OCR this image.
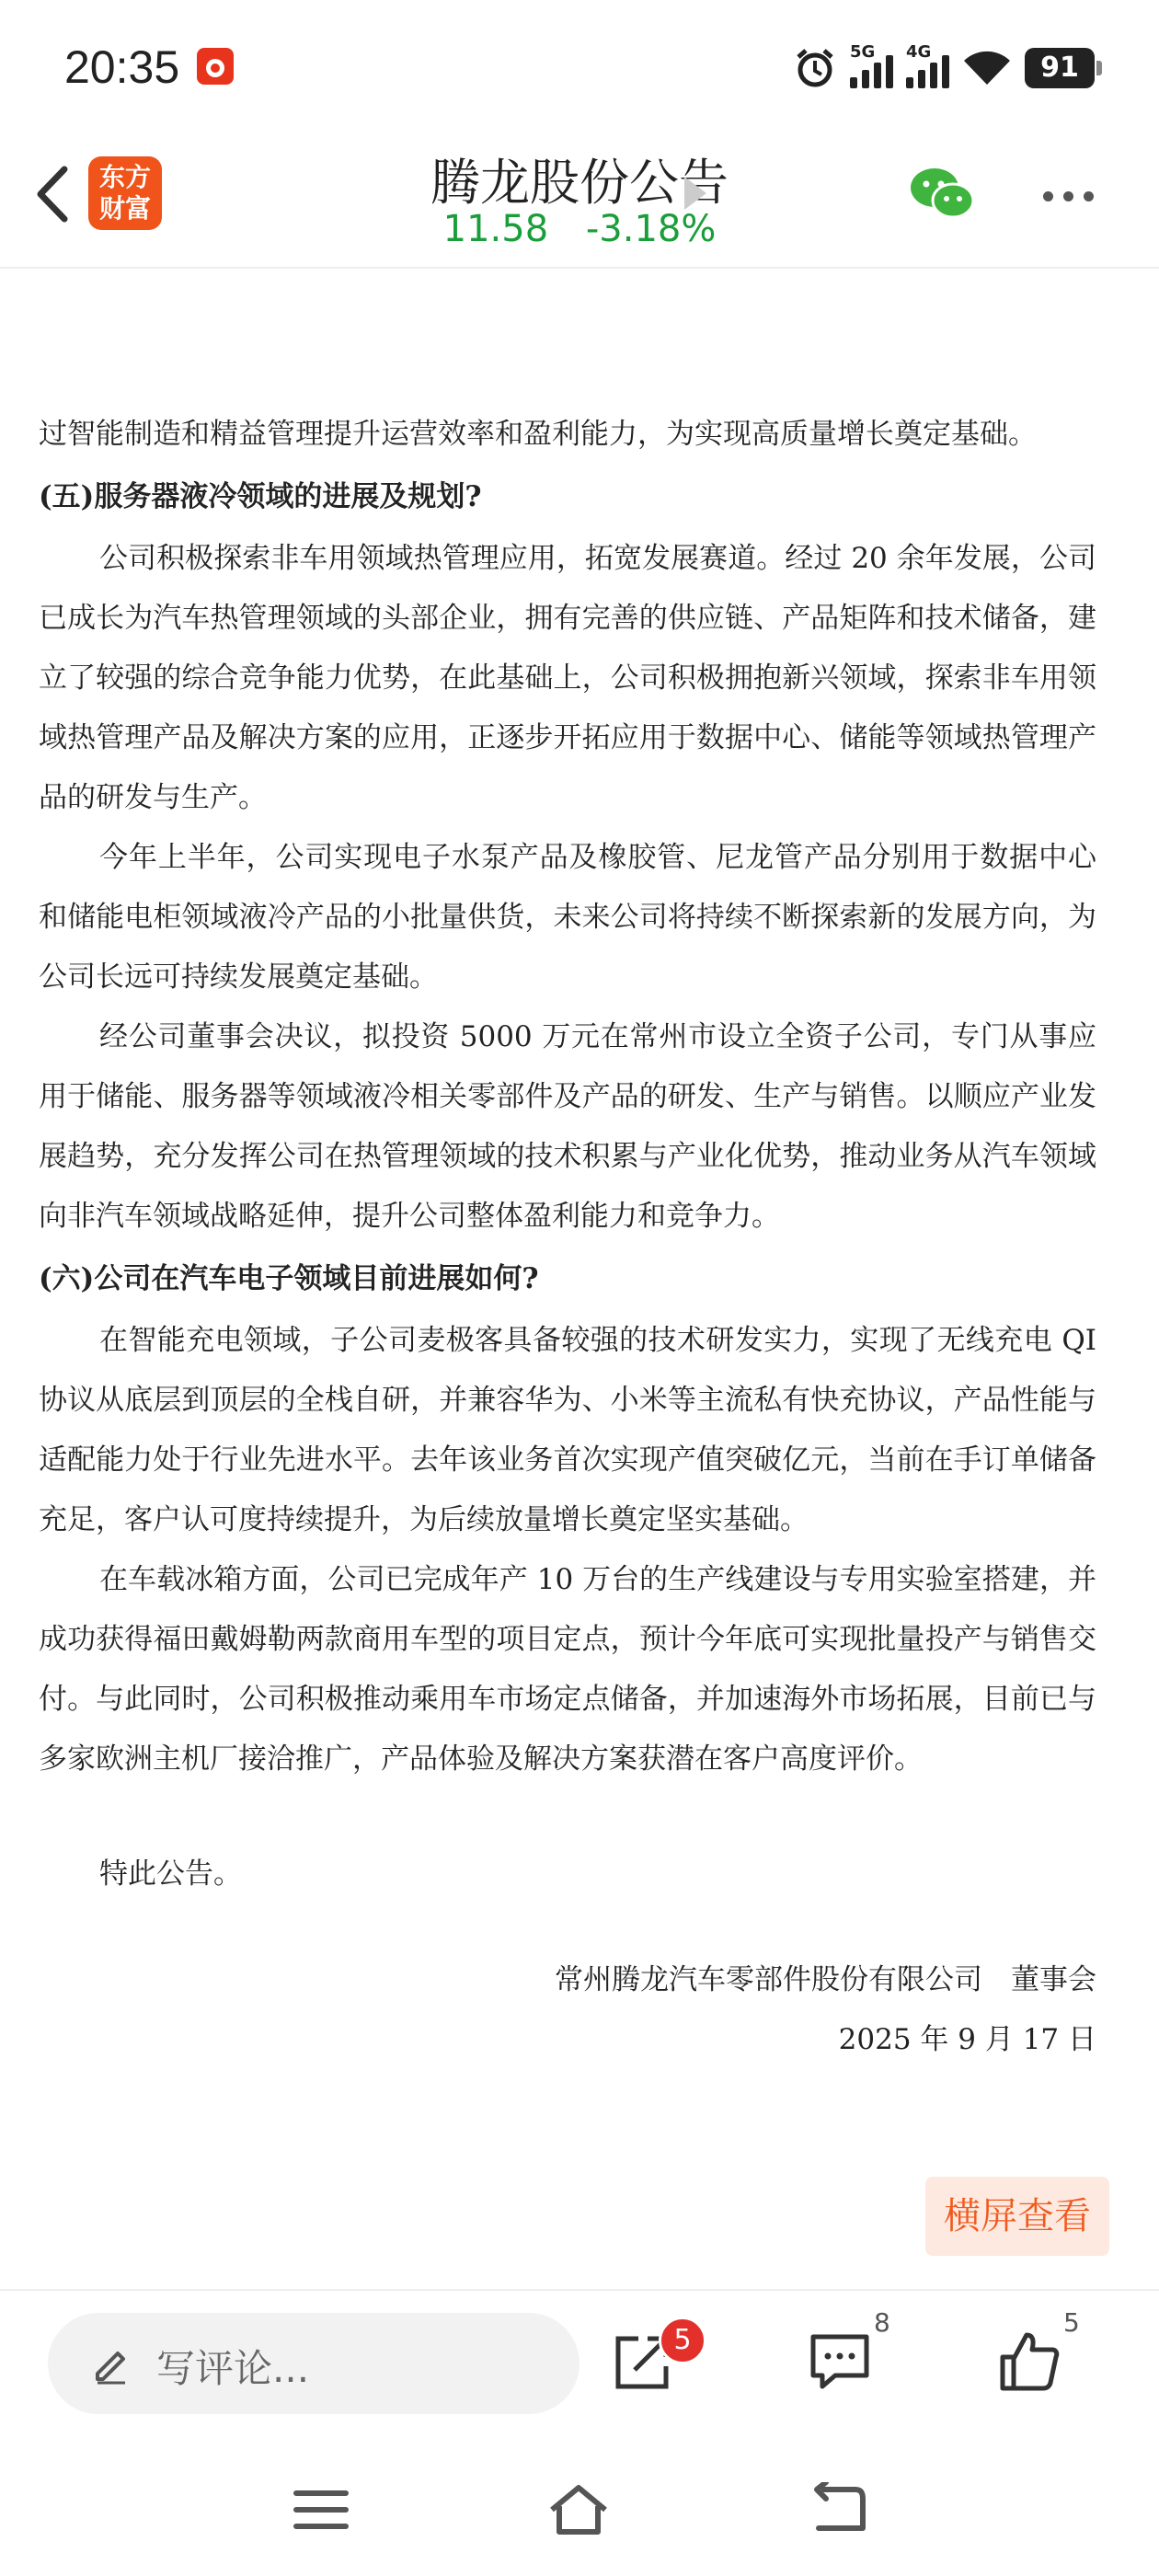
20:35	5G 4G	91
东方
财富	腾龙股份公告
11.58 -3.18%

过智能制造和精益管理提升运营效率和盈利能力，为实现高质量增长奠定基础。

(五)服务器液冷领域的进展及规划?

公司积极探索非车用领域热管理应用，拓宽发展赛道。经过 20 余年发展，公司已成长为汽车热管理领域的头部企业，拥有完善的供应链、产品矩阵和技术储备，建立了较强的综合竞争能力优势，在此基础上，公司积极拥抱新兴领域，探索非车用领域热管理产品及解决方案的应用，正逐步开拓应用于数据中心、储能等领域热管理产品的研发与生产。

今年上半年，公司实现电子水泵产品及橡胶管、尼龙管产品分别用于数据中心和储能电柜领域液冷产品的小批量供货，未来公司将持续不断探索新的发展方向，为公司长远可持续发展奠定基础。

经公司董事会决议，拟投资 5000 万元在常州市设立全资子公司，专门从事应用于储能、服务器等领域液冷相关零部件及产品的研发、生产与销售。以顺应产业发展趋势，充分发挥公司在热管理领域的技术积累与产业化优势，推动业务从汽车领域向非汽车领域战略延伸，提升公司整体盈利能力和竞争力。

(六)公司在汽车电子领域目前进展如何?

在智能充电领域，子公司麦极客具备较强的技术研发实力，实现了无线充电 QI 协议从底层到顶层的全栈自研，并兼容华为、小米等主流私有快充协议，产品性能与适配能力处于行业先进水平。去年该业务首次实现产值突破亿元，当前在手订单储备充足，客户认可度持续提升，为后续放量增长奠定坚实基础。

在车载冰箱方面，公司已完成年产 10 万台的生产线建设与专用实验室搭建，并成功获得福田戴姆勒两款商用车型的项目定点，预计今年底可实现批量投产与销售交付。与此同时，公司积极推动乘用车市场定点储备，并加速海外市场拓展，目前已与多家欧洲主机厂接洽推广，产品体验及解决方案获潜在客户高度评价。

特此公告。

常州腾龙汽车零部件股份有限公司　董事会

2025 年 9 月 17 日

横屏查看
写评论...
5
8	5
